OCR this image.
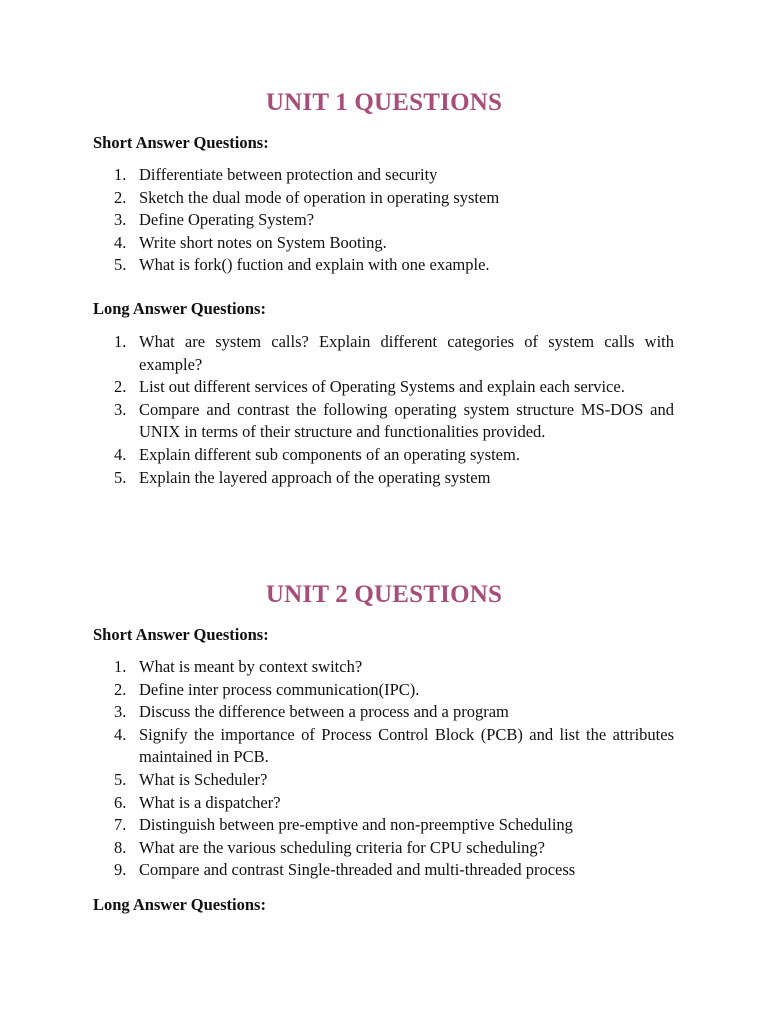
UNIT 1 QUESTIONS
Short Answer Questions:
1. Differentiate between protection and security
2. Sketch the dual mode of operation in operating system
3. Define Operating System?
4. Write short notes on System Booting.
5. What is fork() fuction and explain with one example.
Long Answer Questions:
1. What are system calls? Explain different categories of system calls with example?
2. List out different services of Operating Systems and explain each service.
3. Compare and contrast the following operating system structure MS-DOS and UNIX in terms of their structure and functionalities provided.
4. Explain different sub components of an operating system.
5. Explain the layered approach of the operating system
UNIT 2 QUESTIONS
Short Answer Questions:
1. What is meant by context switch?
2. Define inter process communication(IPC).
3. Discuss the difference between a process and a program
4. Signify the importance of Process Control Block (PCB) and list the attributes maintained in PCB.
5. What is Scheduler?
6. What is a dispatcher?
7. Distinguish between pre-emptive and non-preemptive Scheduling
8. What are the various scheduling criteria for CPU scheduling?
9. Compare and contrast Single-threaded and multi-threaded process
Long Answer Questions:
